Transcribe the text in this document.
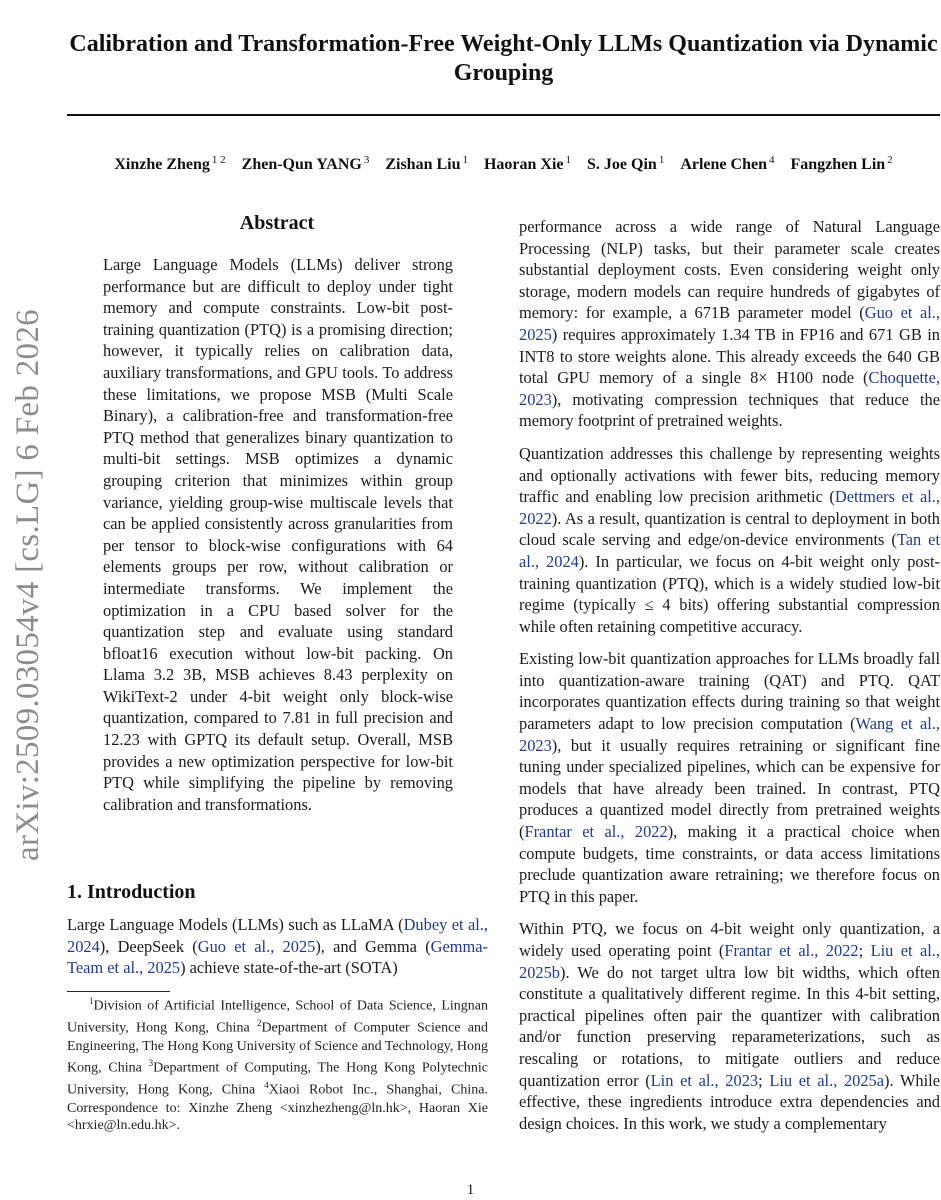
arXiv:2509.03054v4 [cs.LG] 6 Feb 2026
Calibration and Transformation-Free Weight-Only LLMs Quantization via Dynamic Grouping
Xinzhe Zheng $^{1 2}$ Zhen-Qun YANG $^3$ Zishan Liu $^1$ Haoran Xie $^1$ S. Joe Qin $^1$ Arlene Chen $^4$ Fangzhen Lin $^2$
Abstract
Large Language Models (LLMs) deliver strong performance but are difficult to deploy under tight memory and compute constraints. Low-bit post-training quantization (PTQ) is a promising direction; however, it typically relies on calibration data, auxiliary transformations, and GPU tools. To address these limitations, we propose MSB (Multi Scale Binary), a calibration-free and transformation-free PTQ method that generalizes binary quantization to multi-bit settings. MSB optimizes a dynamic grouping criterion that minimizes within group variance, yielding group-wise multiscale levels that can be applied consistently across granularities from per tensor to block-wise configurations with 64 elements groups per row, without calibration or intermediate transforms. We implement the optimization in a CPU based solver for the quantization step and evaluate using standard bfloat16 execution without low-bit packing. On Llama 3.2 3B, MSB achieves 8.43 perplexity on WikiText-2 under 4-bit weight only block-wise quantization, compared to 7.81 in full precision and 12.23 with GPTQ its default setup. Overall, MSB provides a new optimization perspective for low-bit PTQ while simplifying the pipeline by removing calibration and transformations.
1. Introduction
Large Language Models (LLMs) such as LLaMA (Dubey et al., 2024), DeepSeek (Guo et al., 2025), and Gemma (Gemma-Team et al., 2025) achieve state-of-the-art (SOTA)

$^1$Division of Artificial Intelligence, School of Data Science, Lingnan University, Hong Kong, China $^2$Department of Computer Science and Engineering, The Hong Kong University of Science and Technology, Hong Kong, China $^3$Department of Computing, The Hong Kong Polytechnic University, Hong Kong, China $^4$Xiaoi Robot Inc., Shanghai, China. Correspondence to: Xinzhe Zheng <xinzhezheng@ln.hk>, Haoran Xie <hrxie@ln.edu.hk>.

performance across a wide range of Natural Language Processing (NLP) tasks, but their parameter scale creates substantial deployment costs. Even considering weight only storage, modern models can require hundreds of gigabytes of memory: for example, a 671B parameter model (Guo et al., 2025) requires approximately 1.34 TB in FP16 and 671 GB in INT8 to store weights alone. This already exceeds the 640 GB total GPU memory of a single 8× H100 node (Choquette, 2023), motivating compression techniques that reduce the memory footprint of pretrained weights.

Quantization addresses this challenge by representing weights and optionally activations with fewer bits, reducing memory traffic and enabling low precision arithmetic (Dettmers et al., 2022). As a result, quantization is central to deployment in both cloud scale serving and edge/on-device environments (Tan et al., 2024). In particular, we focus on 4-bit weight only post-training quantization (PTQ), which is a widely studied low-bit regime (typically ≤ 4 bits) offering substantial compression while often retaining competitive accuracy.

Existing low-bit quantization approaches for LLMs broadly fall into quantization-aware training (QAT) and PTQ. QAT incorporates quantization effects during training so that weight parameters adapt to low precision computation (Wang et al., 2023), but it usually requires retraining or significant fine tuning under specialized pipelines, which can be expensive for models that have already been trained. In contrast, PTQ produces a quantized model directly from pretrained weights (Frantar et al., 2022), making it a practical choice when compute budgets, time constraints, or data access limitations preclude quantization aware retraining; we therefore focus on PTQ in this paper.

Within PTQ, we focus on 4-bit weight only quantization, a widely used operating point (Frantar et al., 2022; Liu et al., 2025b). We do not target ultra low bit widths, which often constitute a qualitatively different regime. In this 4-bit setting, practical pipelines often pair the quantizer with calibration and/or function preserving reparameterizations, such as rescaling or rotations, to mitigate outliers and reduce quantization error (Lin et al., 2023; Liu et al., 2025a). While effective, these ingredients introduce extra dependencies and design choices. In this work, we study a complementary

1
